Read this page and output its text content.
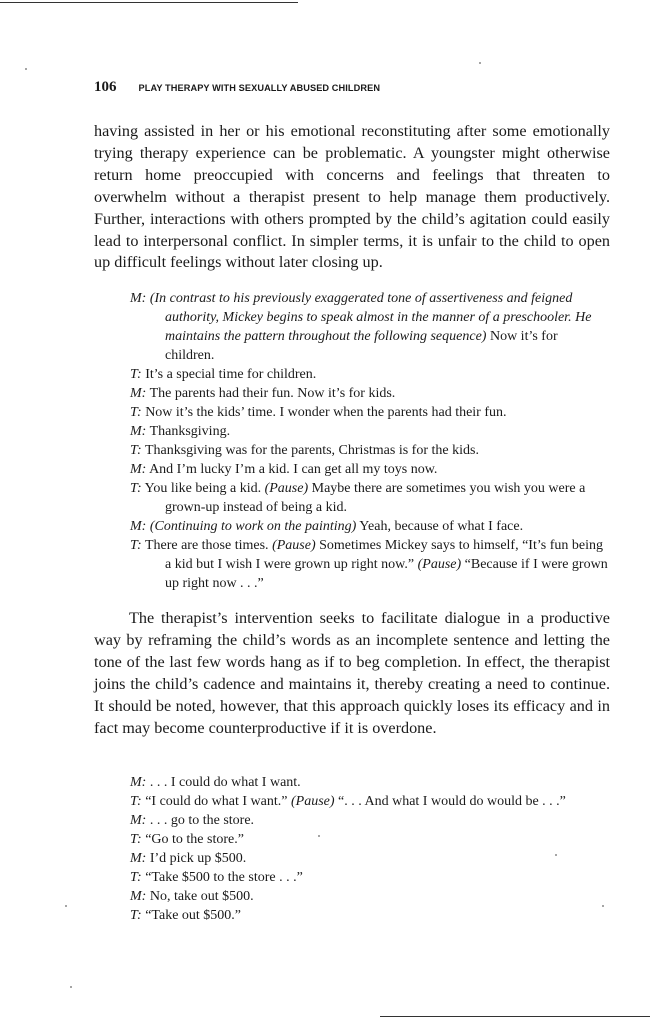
106 PLAY THERAPY WITH SEXUALLY ABUSED CHILDREN

having assisted in her or his emotional reconstituting after some emotionally trying therapy experience can be problematic. A youngster might otherwise return home preoccupied with concerns and feelings that threaten to overwhelm without a therapist present to help manage them productively. Further, interactions with others prompted by the child’s agitation could easily lead to interpersonal conflict. In simpler terms, it is unfair to the child to open up difficult feelings without later closing up.

M: (In contrast to his previously exaggerated tone of assertiveness and feigned authority, Mickey begins to speak almost in the manner of a preschooler. He maintains the pattern throughout the following sequence) Now it’s for children.

T: It’s a special time for children.

M: The parents had their fun. Now it’s for kids.

T: Now it’s the kids’ time. I wonder when the parents had their fun.

M: Thanksgiving.

T: Thanksgiving was for the parents, Christmas is for the kids.

M: And I’m lucky I’m a kid. I can get all my toys now.

T: You like being a kid. (Pause) Maybe there are sometimes you wish you were a grown-up instead of being a kid.

M: (Continuing to work on the painting) Yeah, because of what I face.

T: There are those times. (Pause) Sometimes Mickey says to himself, “It’s fun being a kid but I wish I were grown up right now.” (Pause) “Because if I were grown up right now . . .”

The therapist’s intervention seeks to facilitate dialogue in a productive way by reframing the child’s words as an incomplete sentence and letting the tone of the last few words hang as if to beg completion. In effect, the therapist joins the child’s cadence and maintains it, thereby creating a need to continue. It should be noted, however, that this approach quickly loses its efficacy and in fact may become counterproductive if it is overdone.

M: . . . I could do what I want.

T: “I could do what I want.” (Pause) “. . . And what I would do would be . . .”

M: . . . go to the store.

T: “Go to the store.”

M: I’d pick up $500.

T: “Take $500 to the store . . .”

M: No, take out $500.

T: “Take out $500.”
